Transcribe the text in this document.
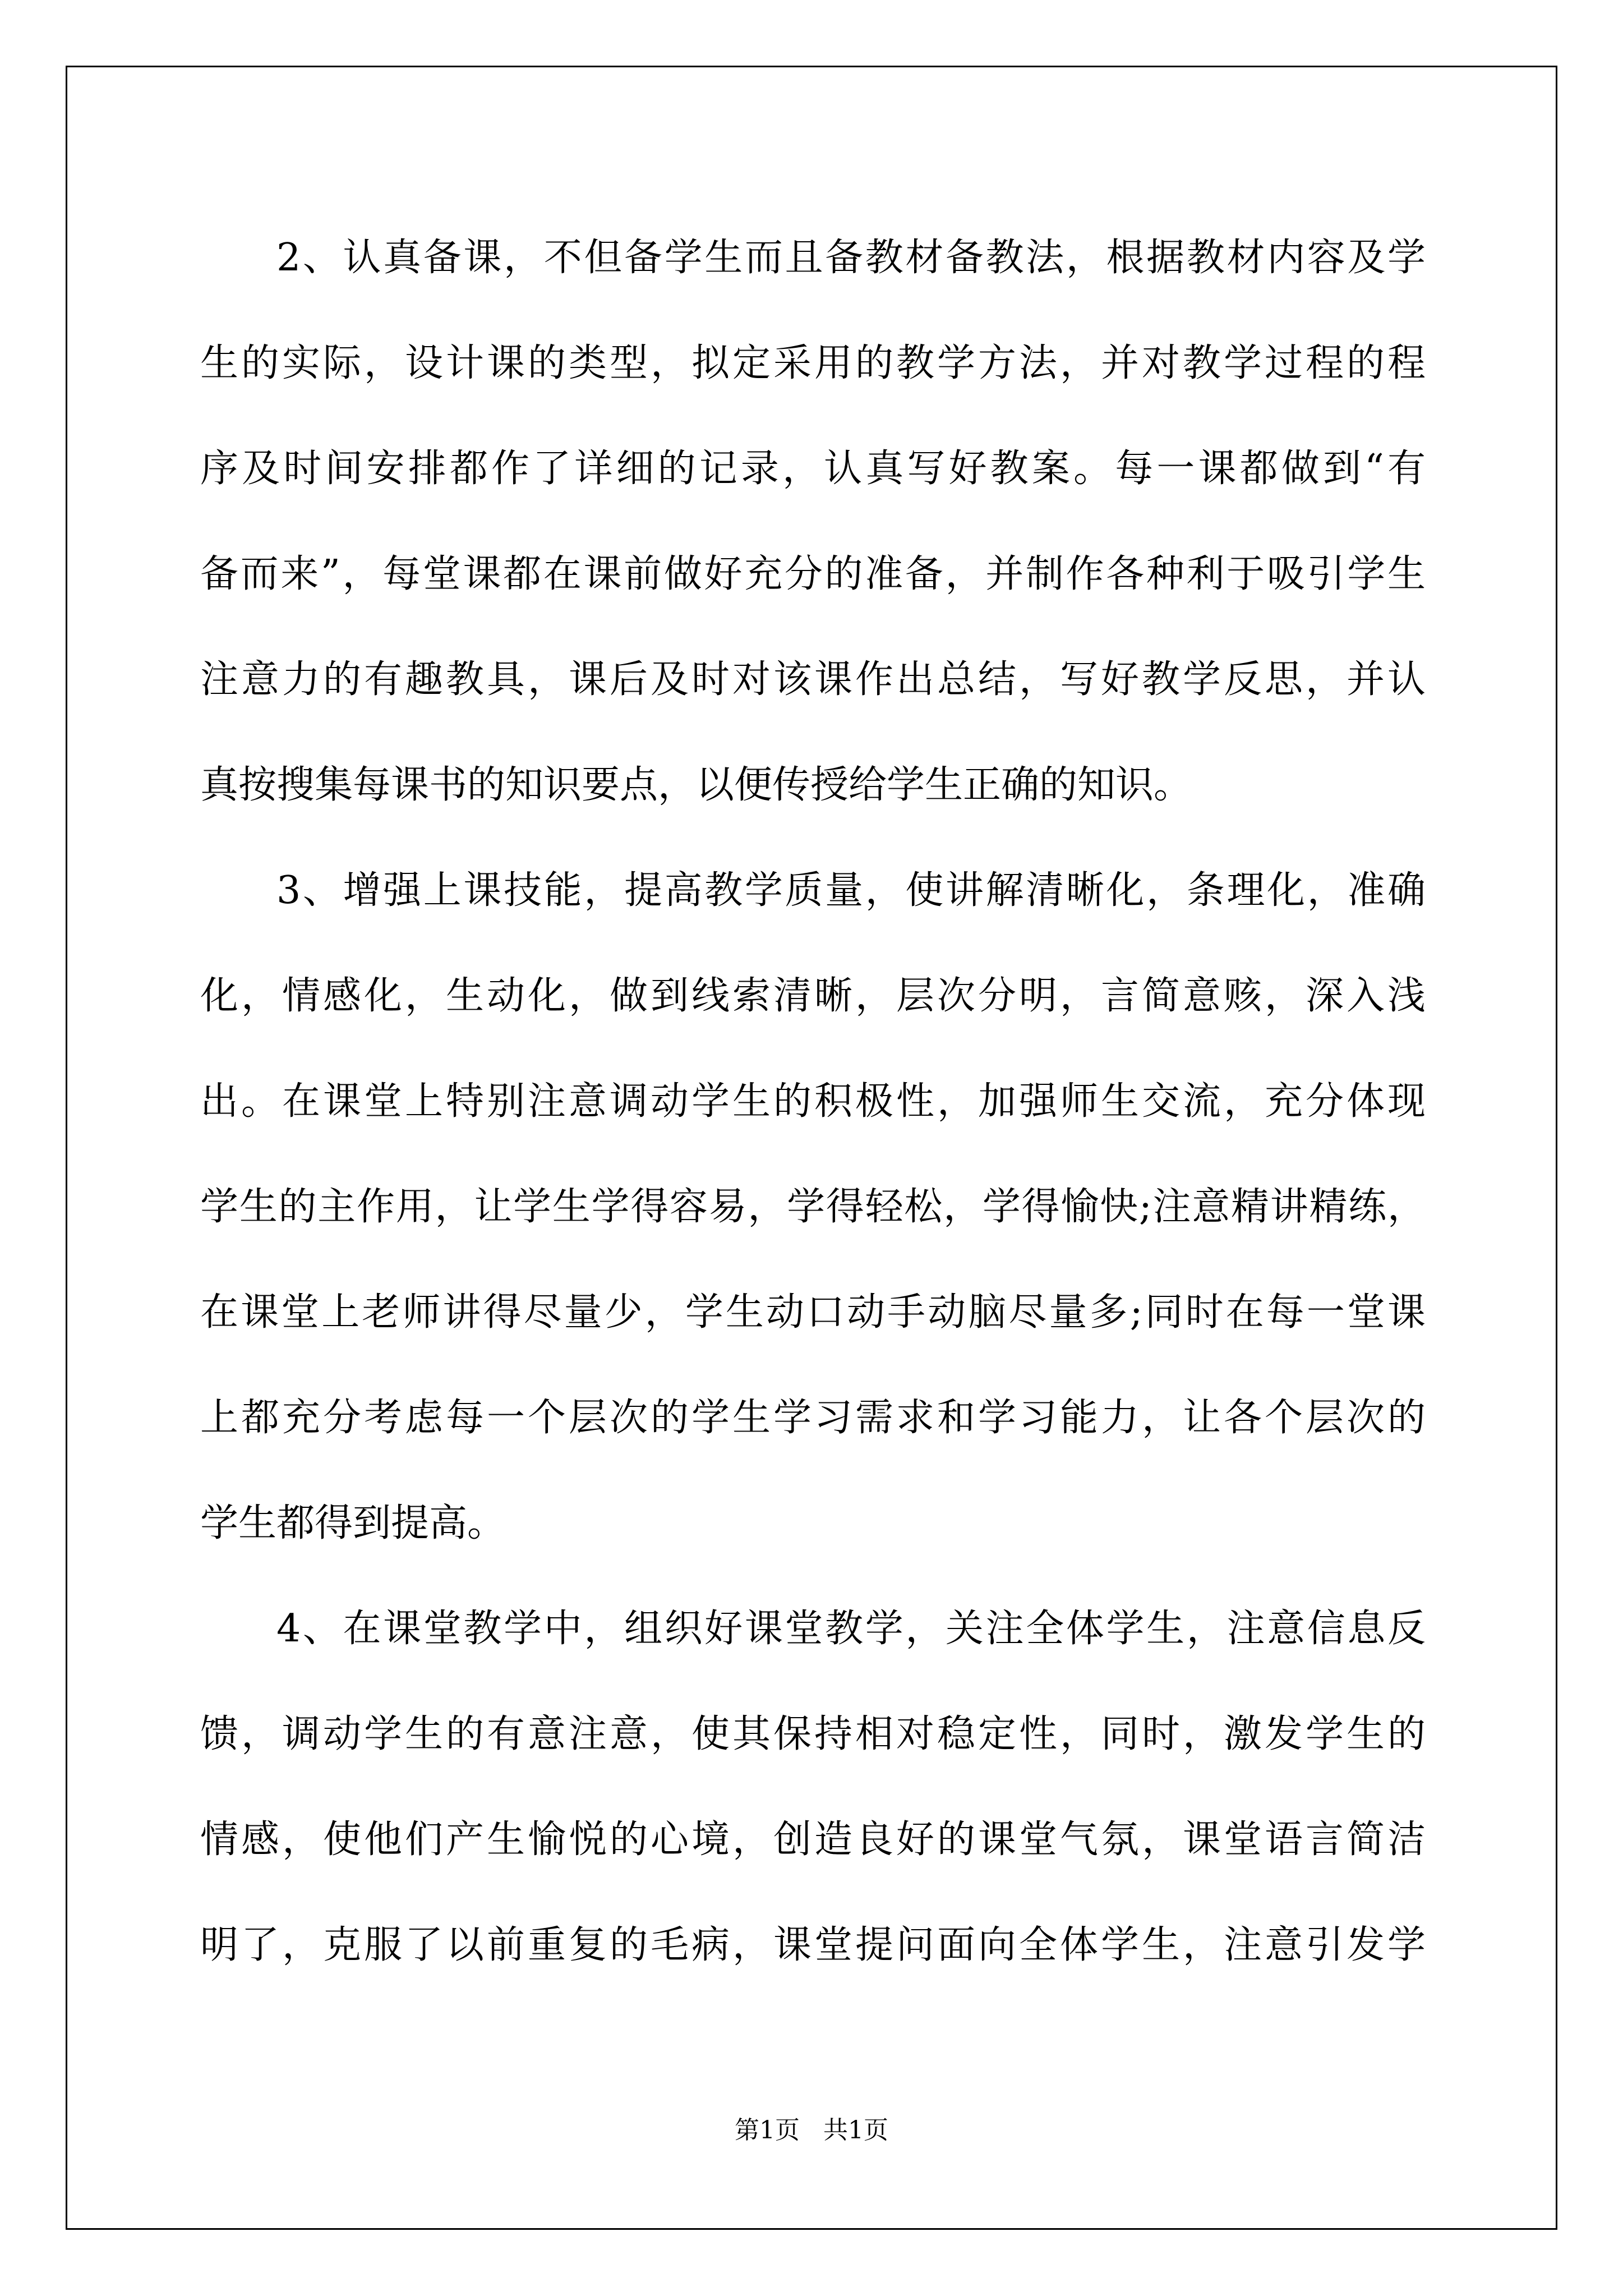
2、认真备课，不但备学生而且备教材备教法，根据教材内容及学
生的实际，设计课的类型，拟定采用的教学方法，并对教学过程的程
序及时间安排都作了详细的记录，认真写好教案。每一课都做到“有
备而来”，每堂课都在课前做好充分的准备，并制作各种利于吸引学生
注意力的有趣教具，课后及时对该课作出总结，写好教学反思，并认
真按搜集每课书的知识要点，以便传授给学生正确的知识。
3、增强上课技能，提高教学质量，使讲解清晰化，条理化，准确
化，情感化，生动化，做到线索清晰，层次分明，言简意赅，深入浅
出。在课堂上特别注意调动学生的积极性，加强师生交流，充分体现
学生的主作用，让学生学得容易，学得轻松，学得愉快;注意精讲精练，
在课堂上老师讲得尽量少，学生动口动手动脑尽量多;同时在每一堂课
上都充分考虑每一个层次的学生学习需求和学习能力，让各个层次的
学生都得到提高。
4、在课堂教学中，组织好课堂教学，关注全体学生，注意信息反
馈，调动学生的有意注意，使其保持相对稳定性，同时，激发学生的
情感，使他们产生愉悦的心境，创造良好的课堂气氛，课堂语言简洁
明了，克服了以前重复的毛病，课堂提问面向全体学生，注意引发学
第1页 共1页
